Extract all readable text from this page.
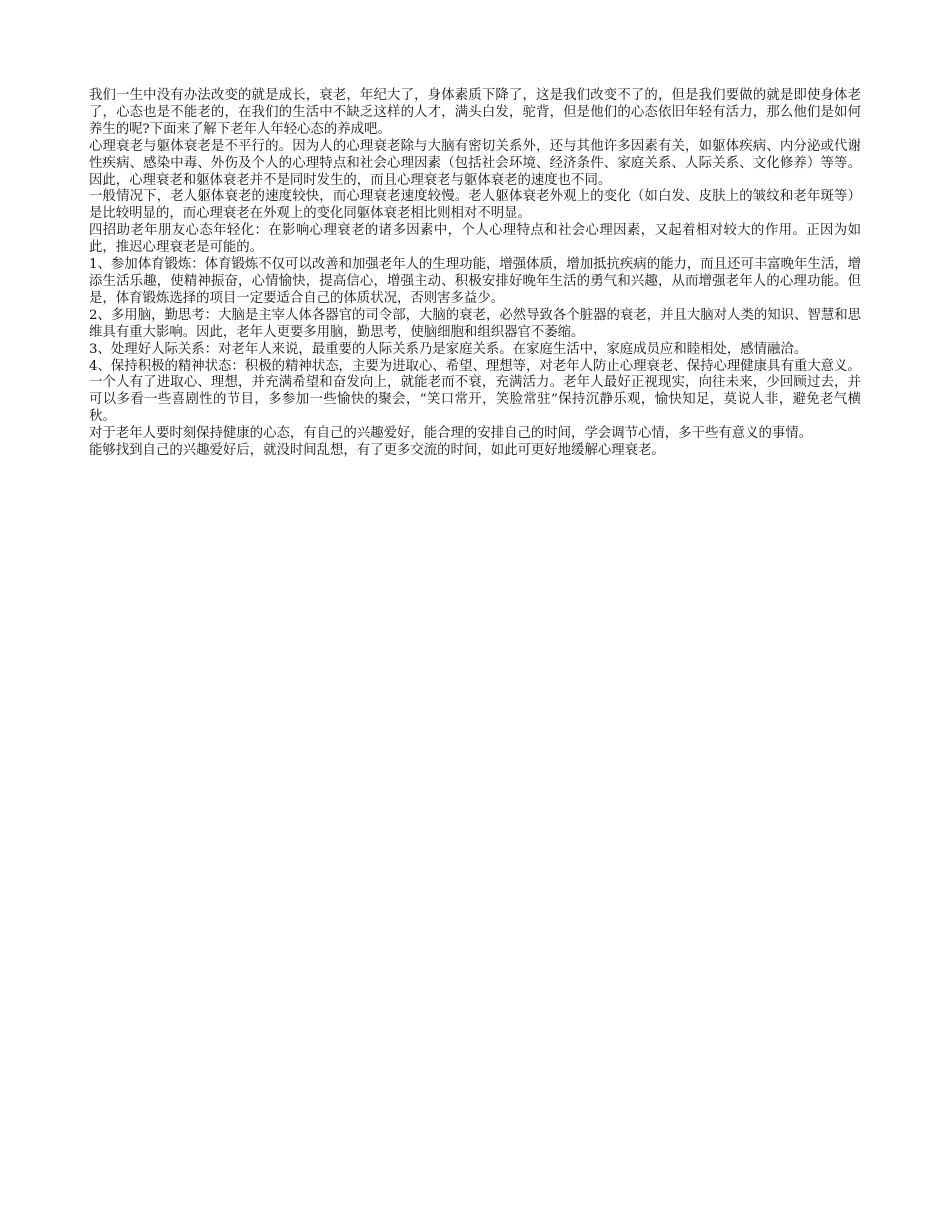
我们一生中没有办法改变的就是成长，衰老，年纪大了，身体素质下降了，这是我们改变不了的，但是我们要做的就是即使身体老了，心态也是不能老的，在我们的生活中不缺乏这样的人才，满头白发，驼背，但是他们的心态依旧年轻有活力，那么他们是如何养生的呢?下面来了解下老年人年轻心态的养成吧。

心理衰老与躯体衰老是不平行的。因为人的心理衰老除与大脑有密切关系外，还与其他许多因素有关，如躯体疾病、内分泌或代谢性疾病、感染中毒、外伤及个人的心理特点和社会心理因素（包括社会环境、经济条件、家庭关系、人际关系、文化修养）等等。因此，心理衰老和躯体衰老并不是同时发生的，而且心理衰老与躯体衰老的速度也不同。

一般情况下，老人躯体衰老的速度较快，而心理衰老速度较慢。老人躯体衰老外观上的变化（如白发、皮肤上的皱纹和老年斑等）是比较明显的，而心理衰老在外观上的变化同躯体衰老相比则相对不明显。

四招助老年朋友心态年轻化：在影响心理衰老的诸多因素中，个人心理特点和社会心理因素，又起着相对较大的作用。正因为如此，推迟心理衰老是可能的。

1、参加体育锻炼：体育锻炼不仅可以改善和加强老年人的生理功能，增强体质，增加抵抗疾病的能力，而且还可丰富晚年生活，增添生活乐趣，使精神振奋，心情愉快，提高信心，增强主动、积极安排好晚年生活的勇气和兴趣，从而增强老年人的心理功能。但是，体育锻炼选择的项目一定要适合自己的体质状况，否则害多益少。

2、多用脑，勤思考：大脑是主宰人体各器官的司令部，大脑的衰老，必然导致各个脏器的衰老，并且大脑对人类的知识、智慧和思维具有重大影响。因此，老年人更要多用脑，勤思考，使脑细胞和组织器官不萎缩。

3、处理好人际关系：对老年人来说，最重要的人际关系乃是家庭关系。在家庭生活中，家庭成员应和睦相处，感情融洽。

4、保持积极的精神状态：积极的精神状态，主要为进取心、希望、理想等，对老年人防止心理衰老、保持心理健康具有重大意义。

一个人有了进取心、理想，并充满希望和奋发向上，就能老而不衰，充满活力。老年人最好正视现实，向往未来，少回顾过去，并可以多看一些喜剧性的节目，多参加一些愉快的聚会，“笑口常开，笑脸常驻”保持沉静乐观，愉快知足，莫说人非，避免老气横秋。

对于老年人要时刻保持健康的心态，有自己的兴趣爱好，能合理的安排自己的时间，学会调节心情，多干些有意义的事情。

能够找到自己的兴趣爱好后，就没时间乱想，有了更多交流的时间，如此可更好地缓解心理衰老。
